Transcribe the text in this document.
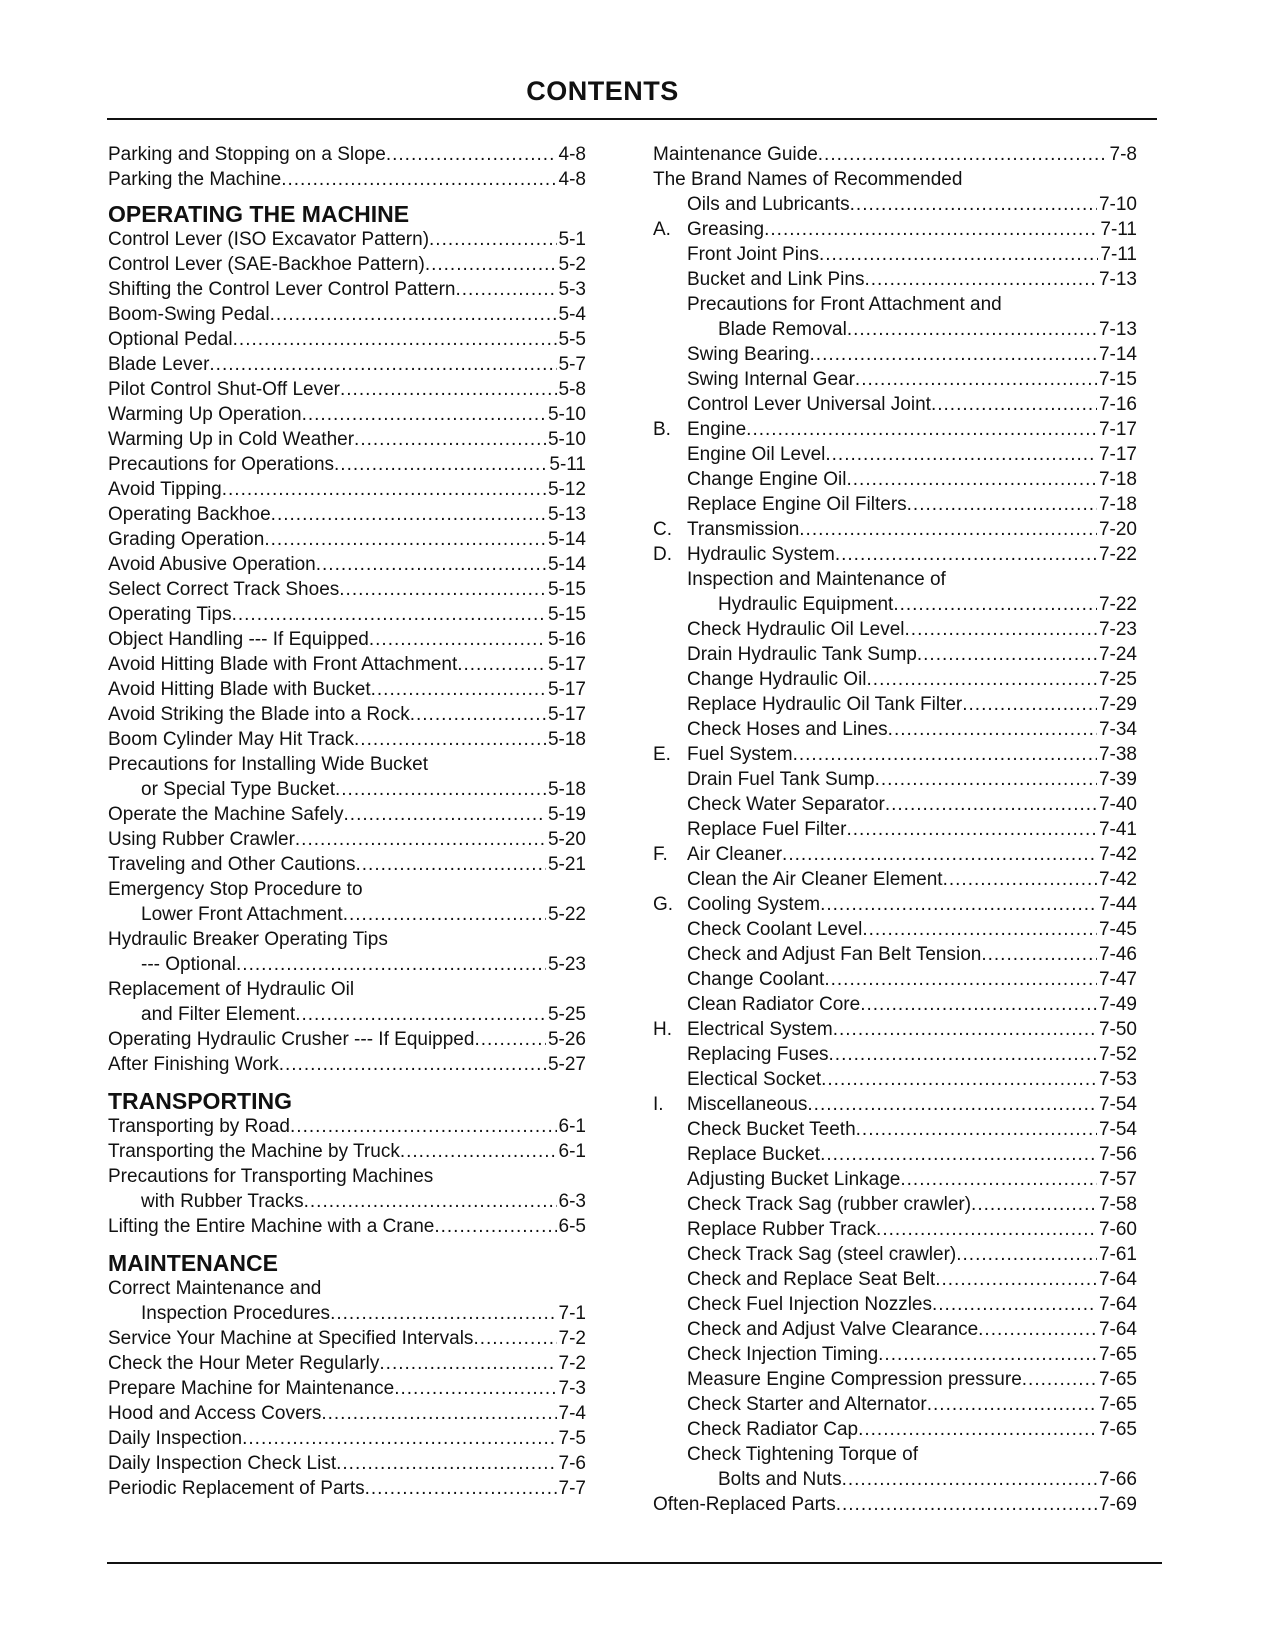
CONTENTS
Parking and Stopping on a Slope .....	4-8
Parking the Machine .....	4-8
OPERATING THE MACHINE
Control Lever (ISO Excavator Pattern) .....	5-1
Control Lever (SAE-Backhoe Pattern) .....	5-2
Shifting the Control Lever Control Pattern .....	5-3
Boom-Swing Pedal .....	5-4
Optional Pedal .....	5-5
Blade Lever .....	5-7
Pilot Control Shut-Off Lever .....	5-8
Warming Up Operation .....	5-10
Warming Up in Cold Weather .....	5-10
Precautions for Operations .....	5-11
Avoid Tipping .....	5-12
Operating Backhoe .....	5-13
Grading Operation .....	5-14
Avoid Abusive Operation .....	5-14
Select Correct Track Shoes .....	5-15
Operating Tips .....	5-15
Object Handling --- If Equipped .....	5-16
Avoid Hitting Blade with Front Attachment .....	5-17
Avoid Hitting Blade with Bucket .....	5-17
Avoid Striking the Blade into a Rock .....	5-17
Boom Cylinder May Hit Track .....	5-18
Precautions for Installing Wide Bucket
or Special Type Bucket .....	5-18
Operate the Machine Safely .....	5-19
Using Rubber Crawler .....	5-20
Traveling and Other Cautions .....	5-21
Emergency Stop Procedure to
Lower Front Attachment .....	5-22
Hydraulic Breaker Operating Tips
--- Optional .....	5-23
Replacement of Hydraulic Oil
and Filter Element .....	5-25
Operating Hydraulic Crusher --- If Equipped .....	5-26
After Finishing Work .....	5-27
TRANSPORTING
Transporting by Road .....	6-1
Transporting the Machine by Truck .....	6-1
Precautions for Transporting Machines
with Rubber Tracks .....	6-3
Lifting the Entire Machine with a Crane .....	6-5
MAINTENANCE
Correct Maintenance and
Inspection Procedures .....	7-1
Service Your Machine at Specified Intervals .....	7-2
Check the Hour Meter Regularly .....	7-2
Prepare Machine for Maintenance .....	7-3
Hood and Access Covers .....	7-4
Daily Inspection .....	7-5
Daily Inspection Check List .....	7-6
Periodic Replacement of Parts .....	7-7
Maintenance Guide .....	7-8
The Brand Names of Recommended
Oils and Lubricants .....	7-10
A. Greasing .....	7-11
Front Joint Pins .....	7-11
Bucket and Link Pins .....	7-13
Precautions for Front Attachment and
Blade Removal .....	7-13
Swing Bearing .....	7-14
Swing Internal Gear .....	7-15
Control Lever Universal Joint .....	7-16
B. Engine .....	7-17
Engine Oil Level .....	7-17
Change Engine Oil .....	7-18
Replace Engine Oil Filters .....	7-18
C. Transmission .....	7-20
D. Hydraulic System .....	7-22
Inspection and Maintenance of
Hydraulic Equipment .....	7-22
Check Hydraulic Oil Level .....	7-23
Drain Hydraulic Tank Sump .....	7-24
Change Hydraulic Oil .....	7-25
Replace Hydraulic Oil Tank Filter .....	7-29
Check Hoses and Lines .....	7-34
E. Fuel System .....	7-38
Drain Fuel Tank Sump .....	7-39
Check Water Separator .....	7-40
Replace Fuel Filter .....	7-41
F.	Air Cleaner .....	7-42
Clean the Air Cleaner Element .....	7-42
G. Cooling System .....	7-44
Check Coolant Level .....	7-45
Check and Adjust Fan Belt Tension .....	7-46
Change Coolant .....	7-47
Clean Radiator Core .....	7-49
H. Electrical System .....	7-50
Replacing Fuses .....	7-52
Electical Socket .....	7-53
I.	Miscellaneous .....	7-54
Check Bucket Teeth .....	7-54
Replace Bucket .....	7-56
Adjusting Bucket Linkage .....	7-57
Check Track Sag (rubber crawler) .....	7-58
Replace Rubber Track .....	7-60
Check Track Sag (steel crawler) .....	7-61
Check and Replace Seat Belt .....	7-64
Check Fuel Injection Nozzles .....	7-64
Check and Adjust Valve Clearance .....	7-64
Check Injection Timing .....	7-65
Measure Engine Compression pressure .....	7-65
Check Starter and Alternator .....	7-65
Check Radiator Cap .....	7-65
Check Tightening Torque of
Bolts and Nuts .....	7-66
Often-Replaced Parts .....	7-69
